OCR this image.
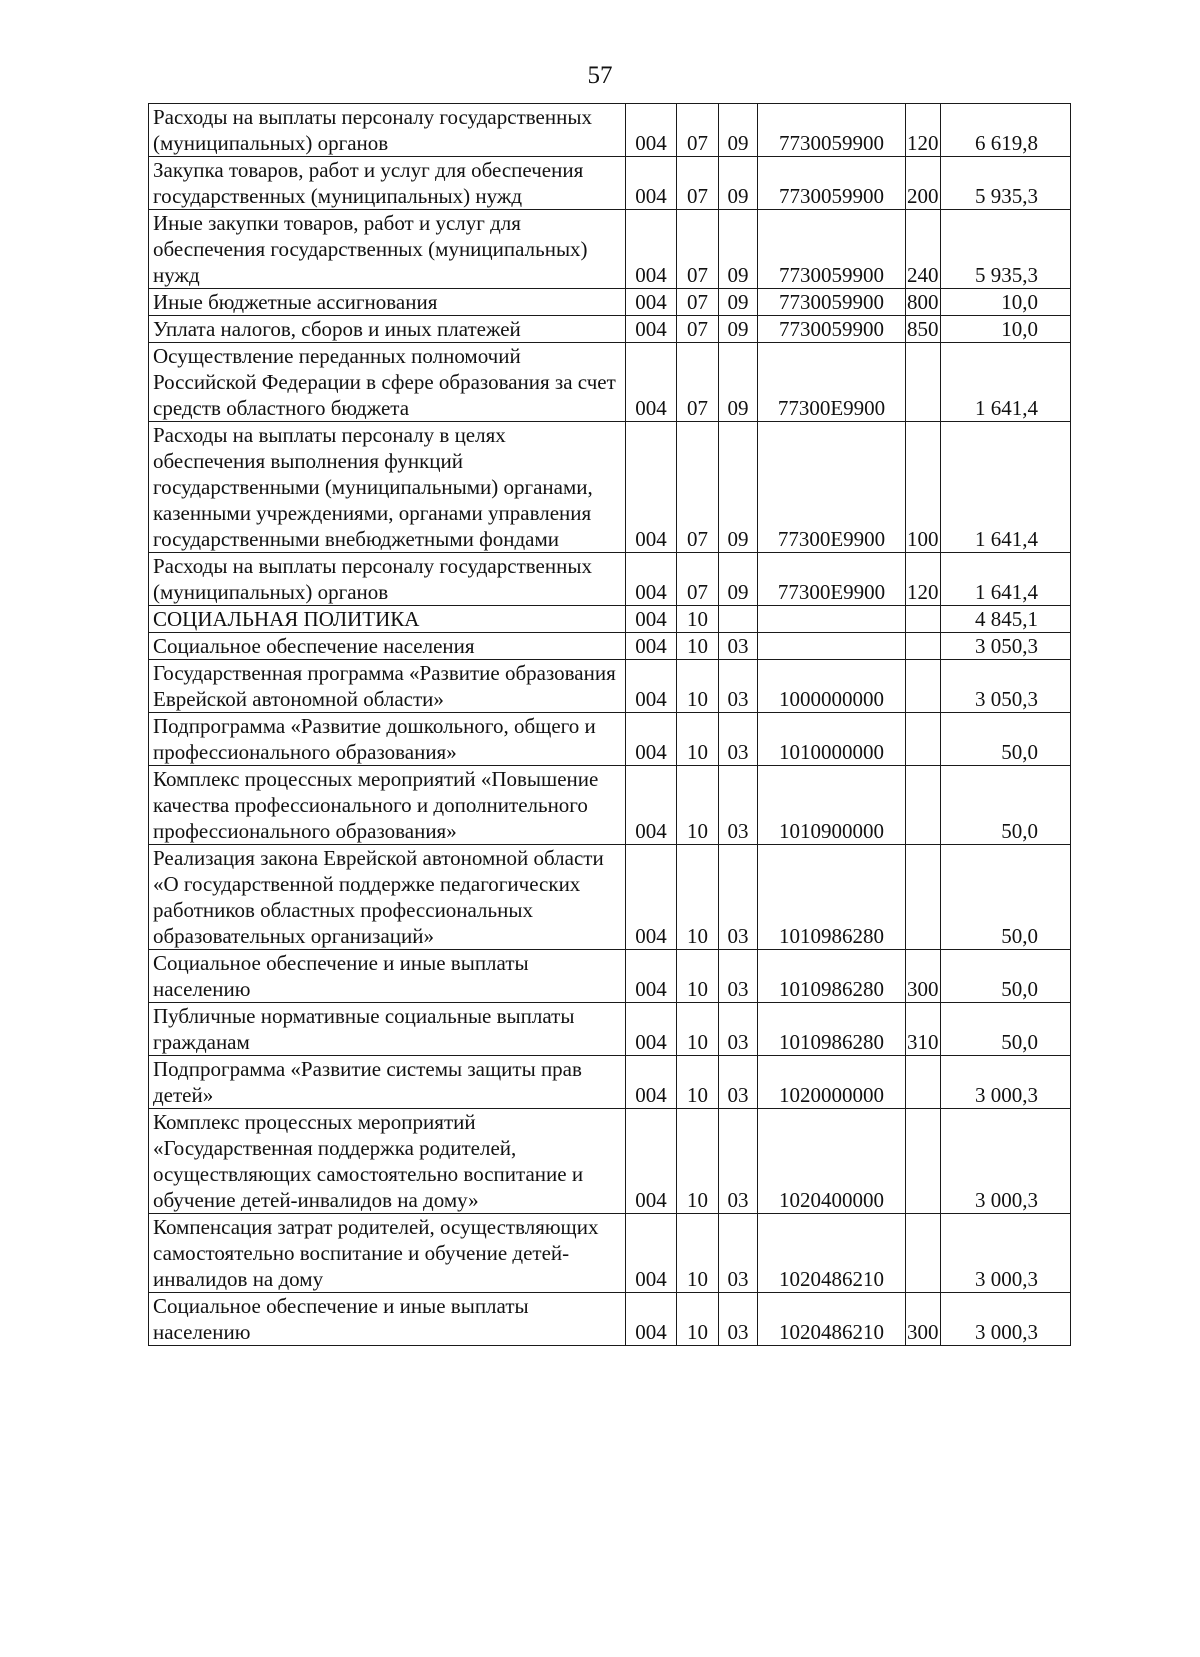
57
Расходы на выплаты персоналу государственных (муниципальных) органов	004	07	09	7730059900	120	6 619,8
Закупка товаров, работ и услуг для обеспечения государственных (муниципальных) нужд	004	07	09	7730059900	200	5 935,3
Иные закупки товаров, работ и услуг для обеспечения государственных (муниципальных) нужд	004	07	09	7730059900	240	5 935,3
Иные бюджетные ассигнования	004	07	09	7730059900	800	10,0
Уплата налогов, сборов и иных платежей	004	07	09	7730059900	850	10,0
Осуществление переданных полномочий Российской Федерации в сфере образования за счет средств областного бюджета	004	07	09	77300E9900		1 641,4
Расходы на выплаты персоналу в целях обеспечения выполнения функций государственными (муниципальными) органами, казенными учреждениями, органами управления государственными внебюджетными фондами	004	07	09	77300E9900	100	1 641,4
Расходы на выплаты персоналу государственных (муниципальных) органов	004	07	09	77300E9900	120	1 641,4
СОЦИАЛЬНАЯ ПОЛИТИКА	004	10				4 845,1
Социальное обеспечение населения	004	10	03			3 050,3
Государственная программа «Развитие образования Еврейской автономной области»	004	10	03	1000000000		3 050,3
Подпрограмма «Развитие дошкольного, общего и профессионального образования»	004	10	03	1010000000		50,0
Комплекс процессных мероприятий «Повышение качества профессионального и дополнительного профессионального образования»	004	10	03	1010900000		50,0
Реализация закона Еврейской автономной области «О государственной поддержке педагогических работников областных профессиональных образовательных организаций»	004	10	03	1010986280		50,0
Социальное обеспечение и иные выплаты населению	004	10	03	1010986280	300	50,0
Публичные нормативные социальные выплаты гражданам	004	10	03	1010986280	310	50,0
Подпрограмма «Развитие системы защиты прав детей»	004	10	03	1020000000		3 000,3
Комплекс процессных мероприятий «Государственная поддержка родителей, осуществляющих самостоятельно воспитание и обучение детей-инвалидов на дому»	004	10	03	1020400000		3 000,3
Компенсация затрат родителей, осуществляющих самостоятельно воспитание и обучение детей-инвалидов на дому	004	10	03	1020486210		3 000,3
Социальное обеспечение и иные выплаты населению	004	10	03	1020486210	300	3 000,3
